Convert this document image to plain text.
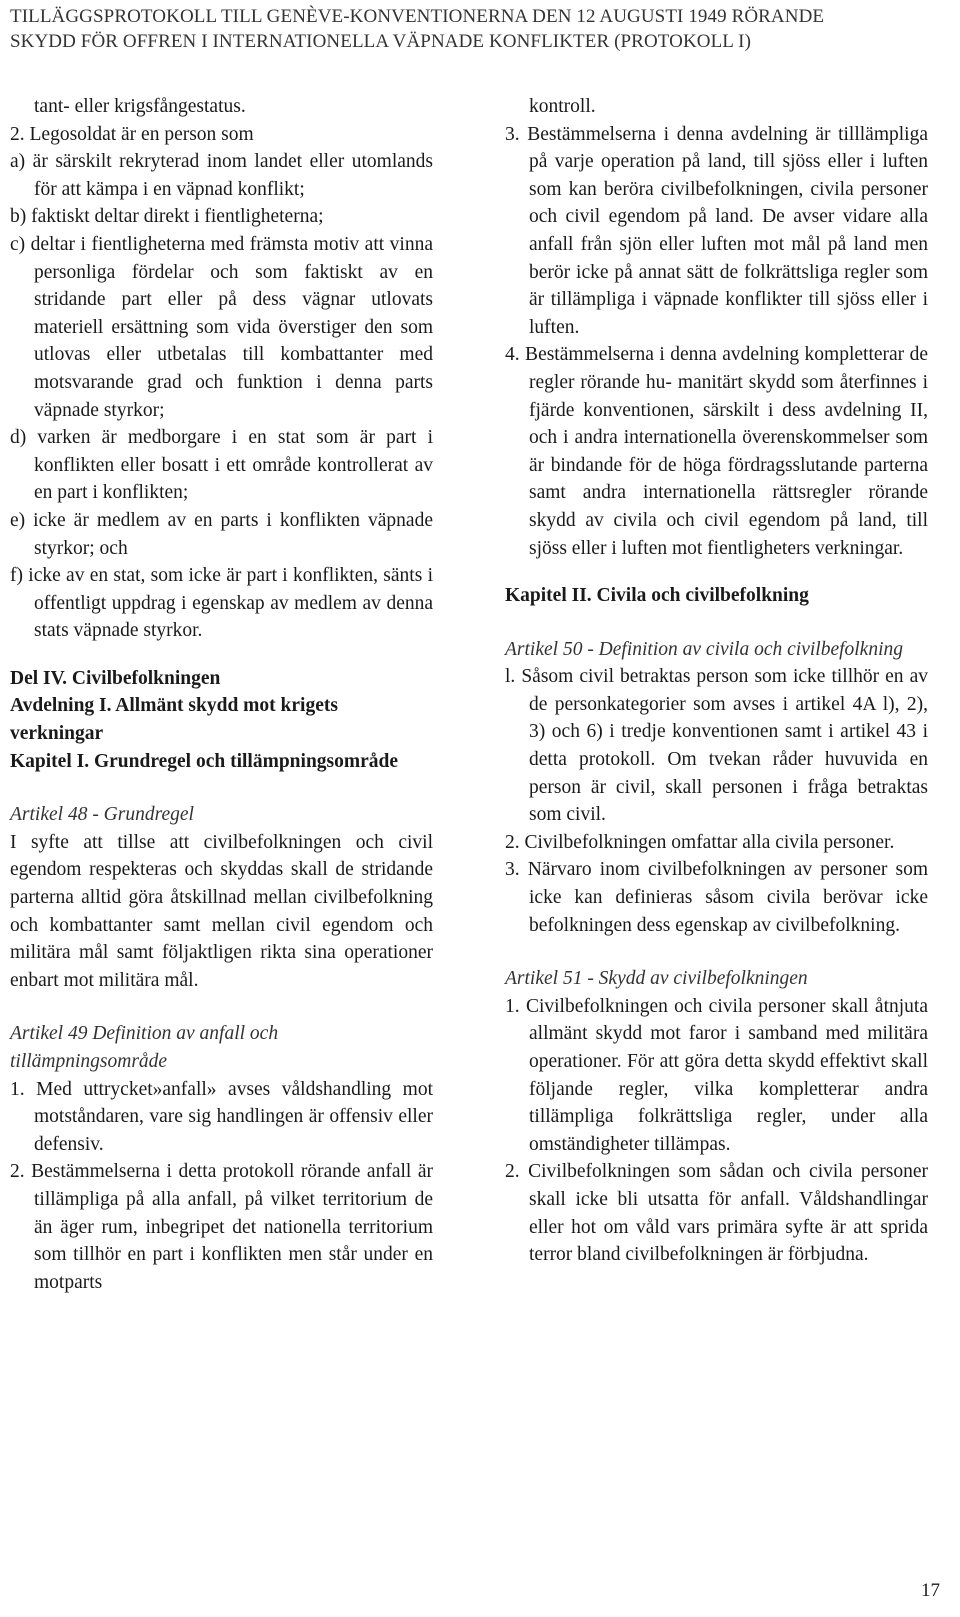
TILLÄGGSPROTOKOLL TILL GENÈVE-KONVENTIONERNA DEN 12 AUGUSTI 1949 RÖRANDE
SKYDD FÖR OFFREN I INTERNATIONELLA VÄPNADE KONFLIKTER (PROTOKOLL I)

tant- eller krigsfångestatus.

2. Legosoldat är en person som

a) är särskilt rekryterad inom landet eller utomlands för att kämpa i en väpnad konflikt;

b) faktiskt deltar direkt i fientligheterna;

c) deltar i fientligheterna med främsta motiv att vinna personliga fördelar och som faktiskt av en stridande part eller på dess vägnar utlovats materiell ersättning som vida överstiger den som utlovas eller utbetalas till kombattanter med motsvarande grad och funktion i denna parts väpnade styrkor;

d) varken är medborgare i en stat som är part i konflikten eller bosatt i ett område kontrollerat av en part i konflikten;

e) icke är medlem av en parts i konflikten väpnade styrkor; och

f) icke av en stat, som icke är part i konflikten, sänts i offentligt uppdrag i egenskap av medlem av denna stats väpnade styrkor.

Del IV. Civilbefolkningen

Avdelning I. Allmänt skydd mot krigets verkningar

Kapitel I. Grundregel och tillämpningsområde

Artikel 48 - Grundregel

I syfte att tillse att civilbefolkningen och civil egendom respekteras och skyddas skall de stridande parterna alltid göra åtskillnad mellan civilbefolkning och kombattanter samt mellan civil egendom och militära mål samt följaktligen rikta sina operationer enbart mot militära mål.

Artikel 49 Definition av anfall och tillämpningsområde

1. Med uttrycket»anfall» avses våldshandling mot motståndaren, vare sig handlingen är offensiv eller defensiv.

2. Bestämmelserna i detta protokoll rörande anfall är tillämpliga på alla anfall, på vilket territorium de än äger rum, inbegripet det nationella territorium som tillhör en part i konflikten men står under en motparts

kontroll.

3. Bestämmelserna i denna avdelning är tilllämpliga på varje operation på land, till sjöss eller i luften som kan beröra civilbefolkningen, civila personer och civil egendom på land. De avser vidare alla anfall från sjön eller luften mot mål på land men berör icke på annat sätt de folkrättsliga regler som är tillämpliga i väpnade konflikter till sjöss eller i luften.

4. Bestämmelserna i denna avdelning kompletterar de regler rörande hu- manitärt skydd som återfinnes i fjärde konventionen, särskilt i dess avdelning II, och i andra internationella överenskommelser som är bindande för de höga fördragsslutande parterna samt andra internationella rättsregler rörande skydd av civila och civil egendom på land, till sjöss eller i luften mot fientligheters verkningar.

Kapitel II. Civila och civilbefolkning

Artikel 50 - Definition av civila och civilbefolkning

l. Såsom civil betraktas person som icke tillhör en av de personkategorier som avses i artikel 4A l), 2), 3) och 6) i tredje konventionen samt i artikel 43 i detta protokoll. Om tvekan råder huvuvida en person är civil, skall personen i fråga betraktas som civil.

2. Civilbefolkningen omfattar alla civila personer.

3. Närvaro inom civilbefolkningen av personer som icke kan definieras såsom civila berövar icke befolkningen dess egenskap av civilbefolkning.

Artikel 51 - Skydd av civilbefolkningen

1. Civilbefolkningen och civila personer skall åtnjuta allmänt skydd mot faror i samband med militära operationer. För att göra detta skydd effektivt skall följande regler, vilka kompletterar andra tillämpliga folkrättsliga regler, under alla omständigheter tillämpas.

2. Civilbefolkningen som sådan och civila personer skall icke bli utsatta för anfall. Våldshandlingar eller hot om våld vars primära syfte är att sprida terror bland civilbefolkningen är förbjudna.

17
